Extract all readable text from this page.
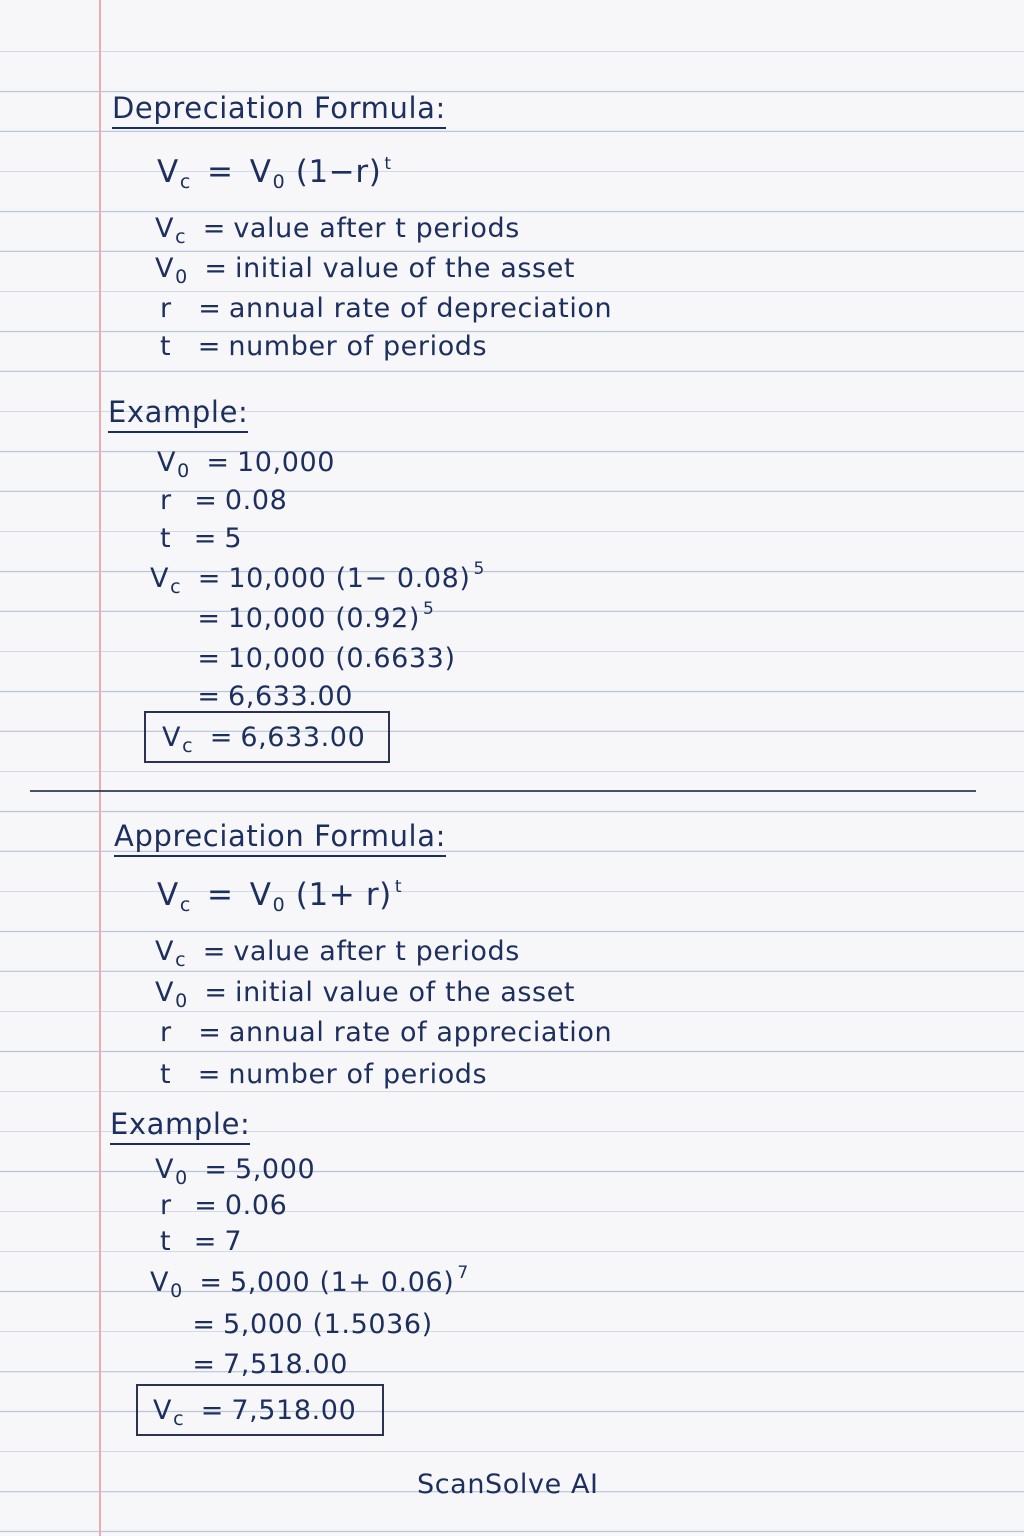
Depreciation Formula:
Vc = V0 (1−r) $^t$
$V_c$ = value after t periods
$V_0$ = initial value of the asset
r = annual rate of depreciation
t = number of periods
Example:
$V_0 = 10,000$
r = 0.08
t = 5
$V_c = 10,000$ (1− 0.08) $^5$
= 10,000 (0.92) $^5$
= 10,000 (0.6633)
= 6,633.00
$V_c = 6,633.00$
Appreciation Formula:
Vc = V0 (1+ r) $^t$
$V_c$ = value after t periods
$V_0$ = initial value of the asset
r = annual rate of appreciation
t = number of periods
Example:
$V_0 = 5,000$
r = 0.06
t = 7
$V_0 = 5,000$ (1+ 0.06) $^7$
= 5,000 (1.5036)
= 7,518.00
$V_c = 7,518.00$
ScanSolve AI
